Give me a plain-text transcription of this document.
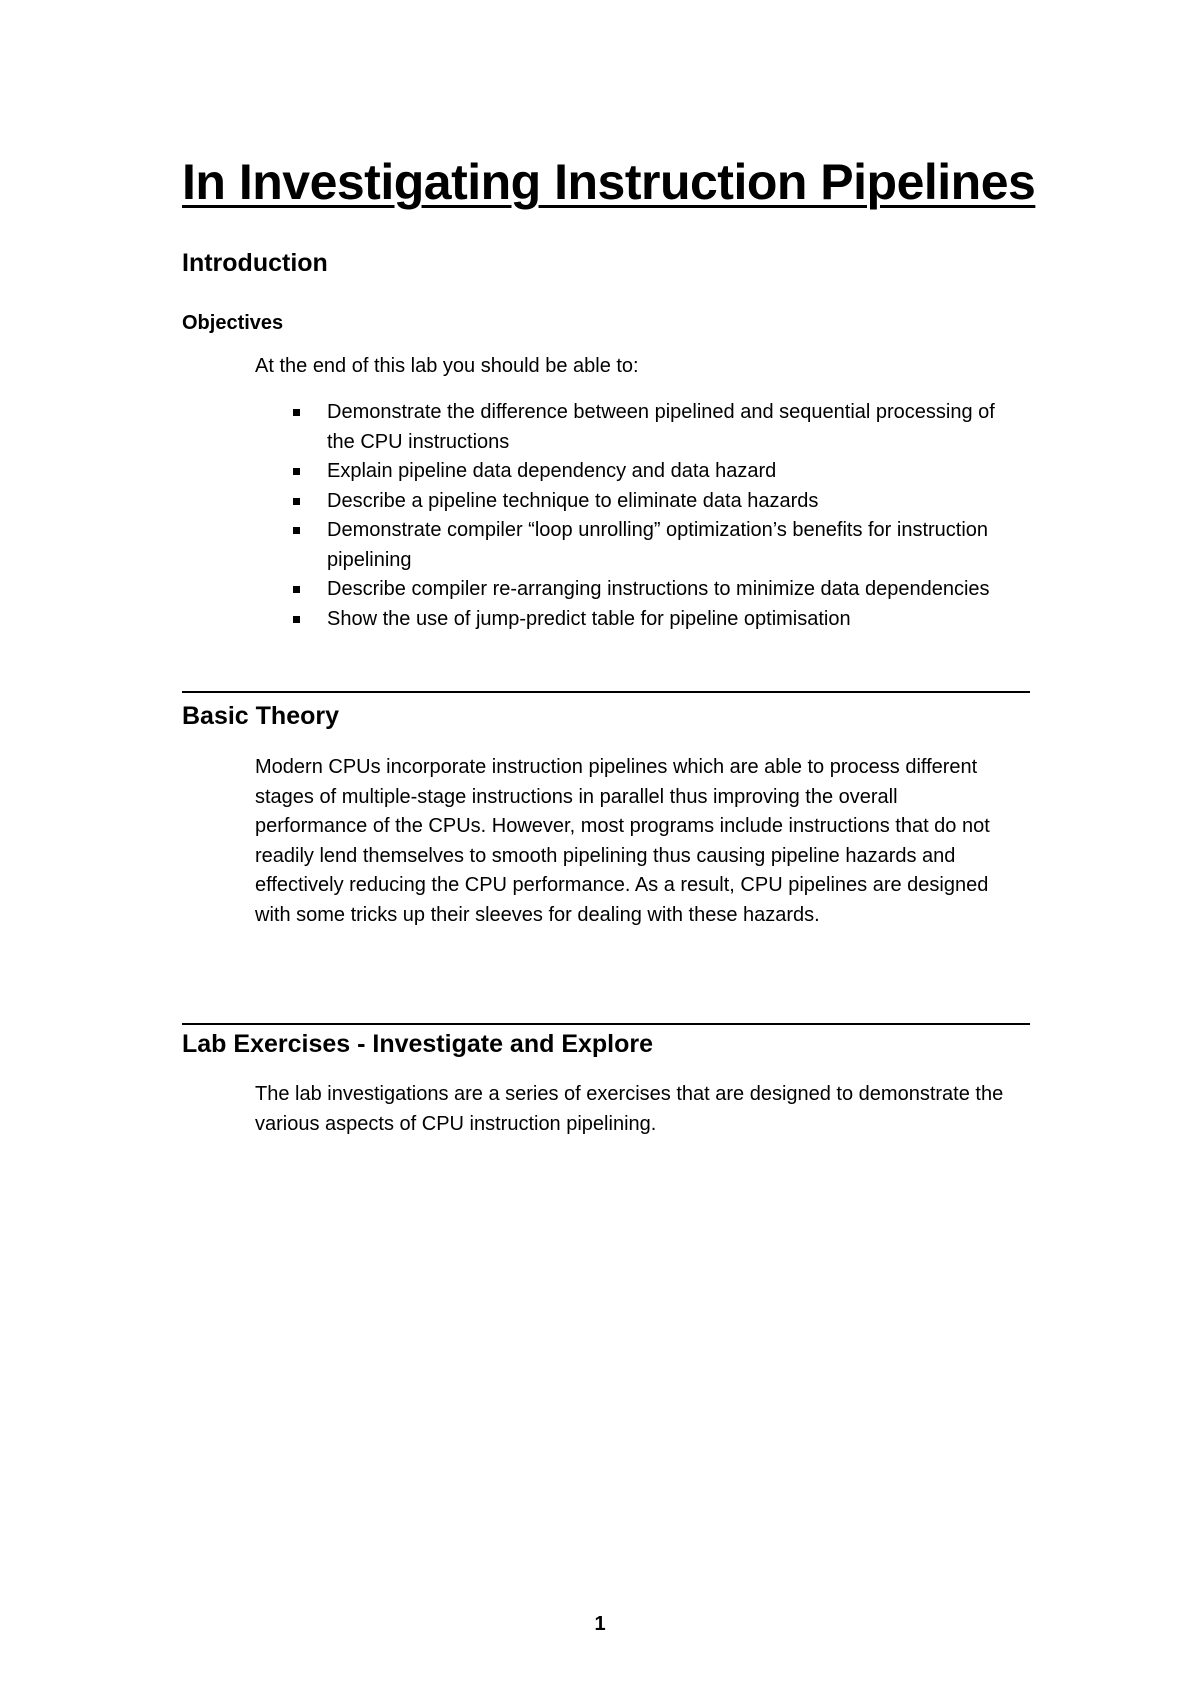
In Investigating Instruction Pipelines
Introduction
Objectives

At the end of this lab you should be able to:

Demonstrate the difference between pipelined and sequential processing of the CPU instructions
Explain pipeline data dependency and data hazard
Describe a pipeline technique to eliminate data hazards
Demonstrate compiler “loop unrolling” optimization’s benefits for instruction pipelining
Describe compiler re-arranging instructions to minimize data dependencies
Show the use of jump-predict table for pipeline optimisation
Basic Theory

Modern CPUs incorporate instruction pipelines which are able to process different stages of multiple-stage instructions in parallel thus improving the overall performance of the CPUs. However, most programs include instructions that do not readily lend themselves to smooth pipelining thus causing pipeline hazards and effectively reducing the CPU performance. As a result, CPU pipelines are designed with some tricks up their sleeves for dealing with these hazards.

Lab Exercises - Investigate and Explore

The lab investigations are a series of exercises that are designed to demonstrate the various aspects of CPU instruction pipelining.

1
